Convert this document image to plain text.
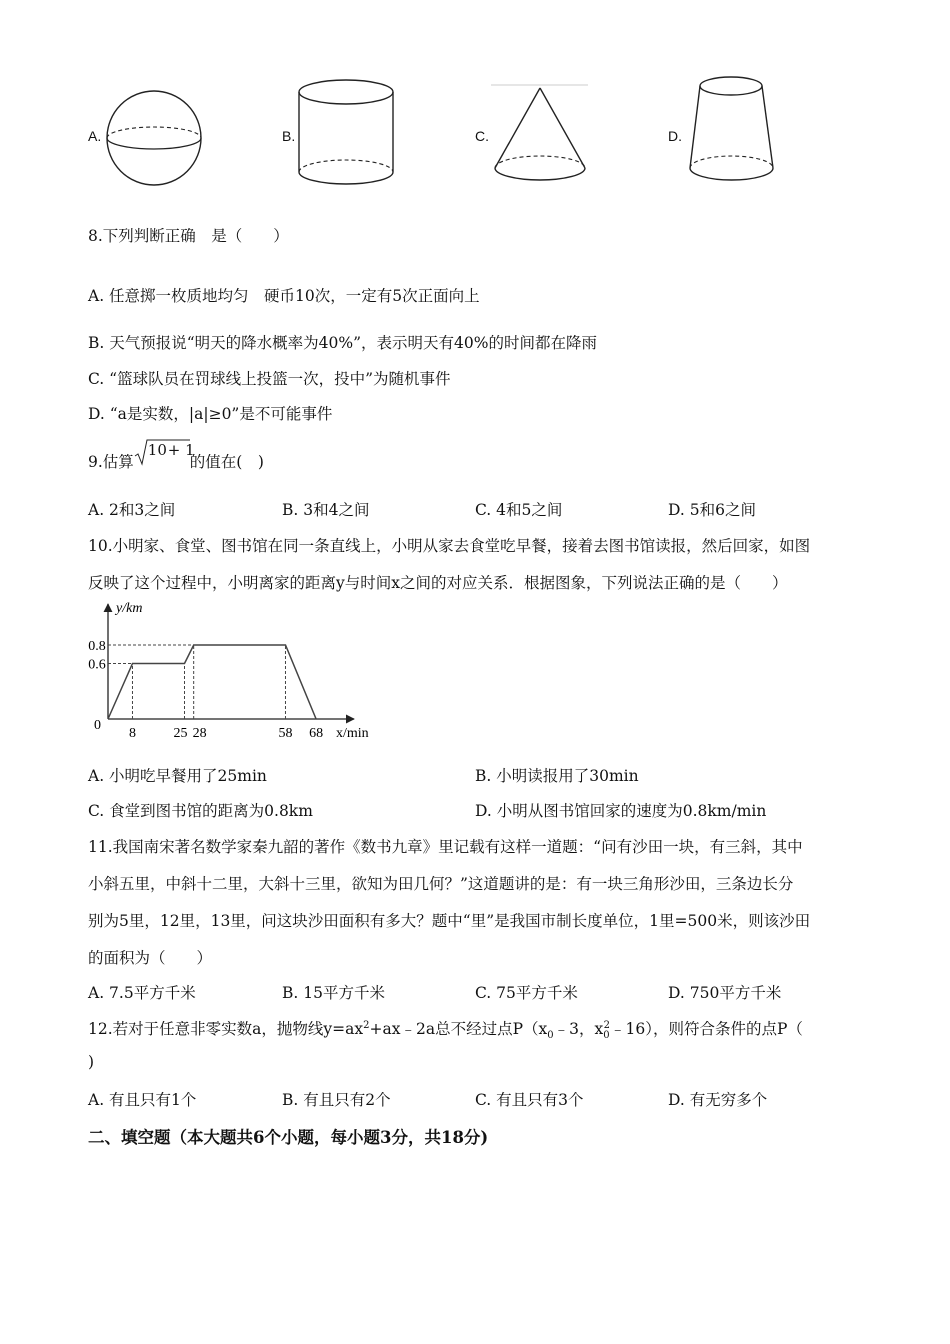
A.	B.	C.	D.
8.下列判断正确　是（　　）
A. 任意掷一枚质地均匀　硬币10次，一定有5次正面向上
B. 天气预报说“明天的降水概率为40%”，表示明天有40%的时间都在降雨
C. “篮球队员在罚球线上投篮一次，投中”为随机事件
D. “a是实数，|a|≥0”是不可能事件
9.估算
10 + 1
的值在(　)
A. 2和3之间	B. 3和4之间	C. 4和5之间	D. 5和6之间
10.小明家、食堂、图书馆在同一条直线上，小明从家去食堂吃早餐，接着去图书馆读报，然后回家，如图
反映了这个过程中，小明离家的距离y与时间x之间的对应关系．根据图象，下列说法正确的是（　　）
8	25 28	58 68
0.6
0.8
y/km
x/min
0
A. 小明吃早餐用了25min	B. 小明读报用了30min
C. 食堂到图书馆的距离为0.8km	D. 小明从图书馆回家的速度为0.8km/min
11.我国南宋著名数学家秦九韶的著作《数书九章》里记载有这样一道题：“问有沙田一块，有三斜，其中
小斜五里，中斜十二里，大斜十三里，欲知为田几何？”这道题讲的是：有一块三角形沙田，三条边长分
别为5里，12里，13里，问这块沙田面积有多大？题中“里”是我国市制长度单位，1里=500米，则该沙田
的面积为（　　）
A. 7.5平方千米	B. 15平方千米	C. 75平方千米	D. 750平方千米
12.若对于任意非零实数a，抛物线$y=ax^2+ax﹣2a$总不经过点$P(x_0﹣3$，$x_0^2﹣16$），则符合条件的点P（
)
A. 有且只有1个	B. 有且只有2个	C. 有且只有3个	D. 有无穷多个
二、填空题（本大题共6个小题，每小题3分，共18分)
